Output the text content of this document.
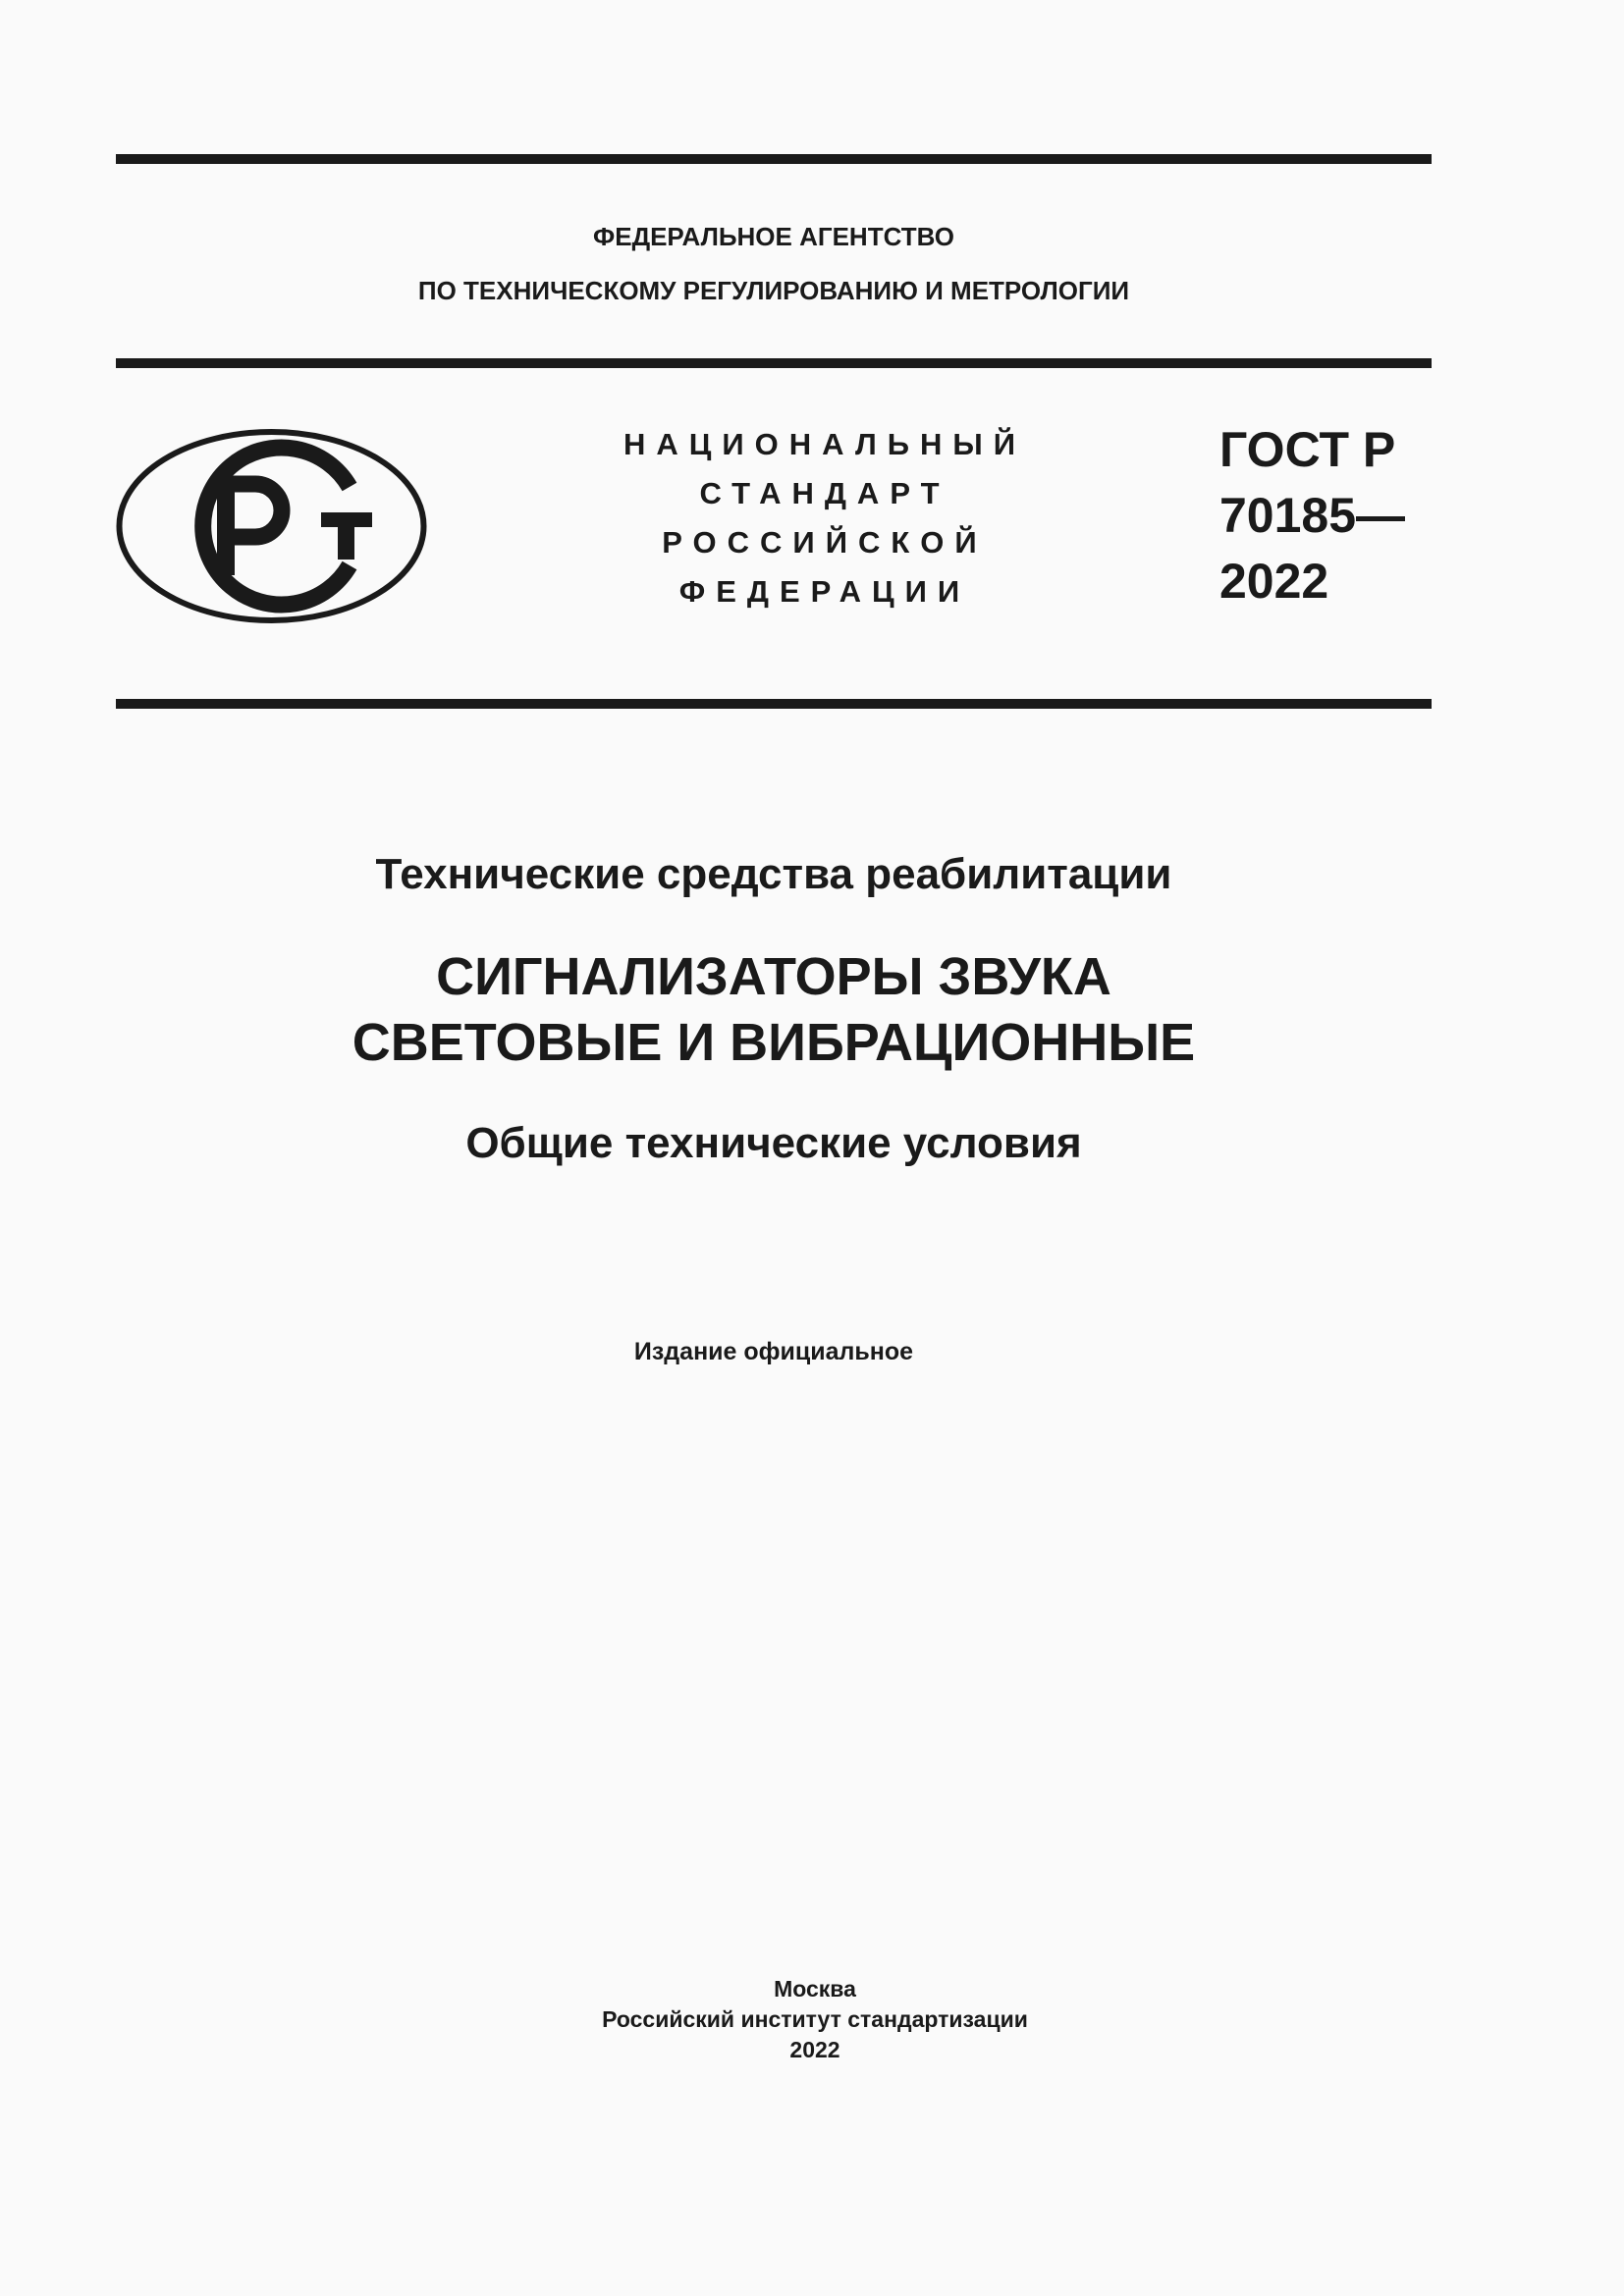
ФЕДЕРАЛЬНОЕ АГЕНТСТВО
ПО ТЕХНИЧЕСКОМУ РЕГУЛИРОВАНИЮ И МЕТРОЛОГИИ
НАЦИОНАЛЬНЫЙ
СТАНДАРТ
РОССИЙСКОЙ
ФЕДЕРАЦИИ
ГОСТ Р
70185—
2022
Технические средства реабилитации
СИГНАЛИЗАТОРЫ ЗВУКА
СВЕТОВЫЕ И ВИБРАЦИОННЫЕ
Общие технические условия
Издание официальное
Москва
Российский институт стандартизации
2022
